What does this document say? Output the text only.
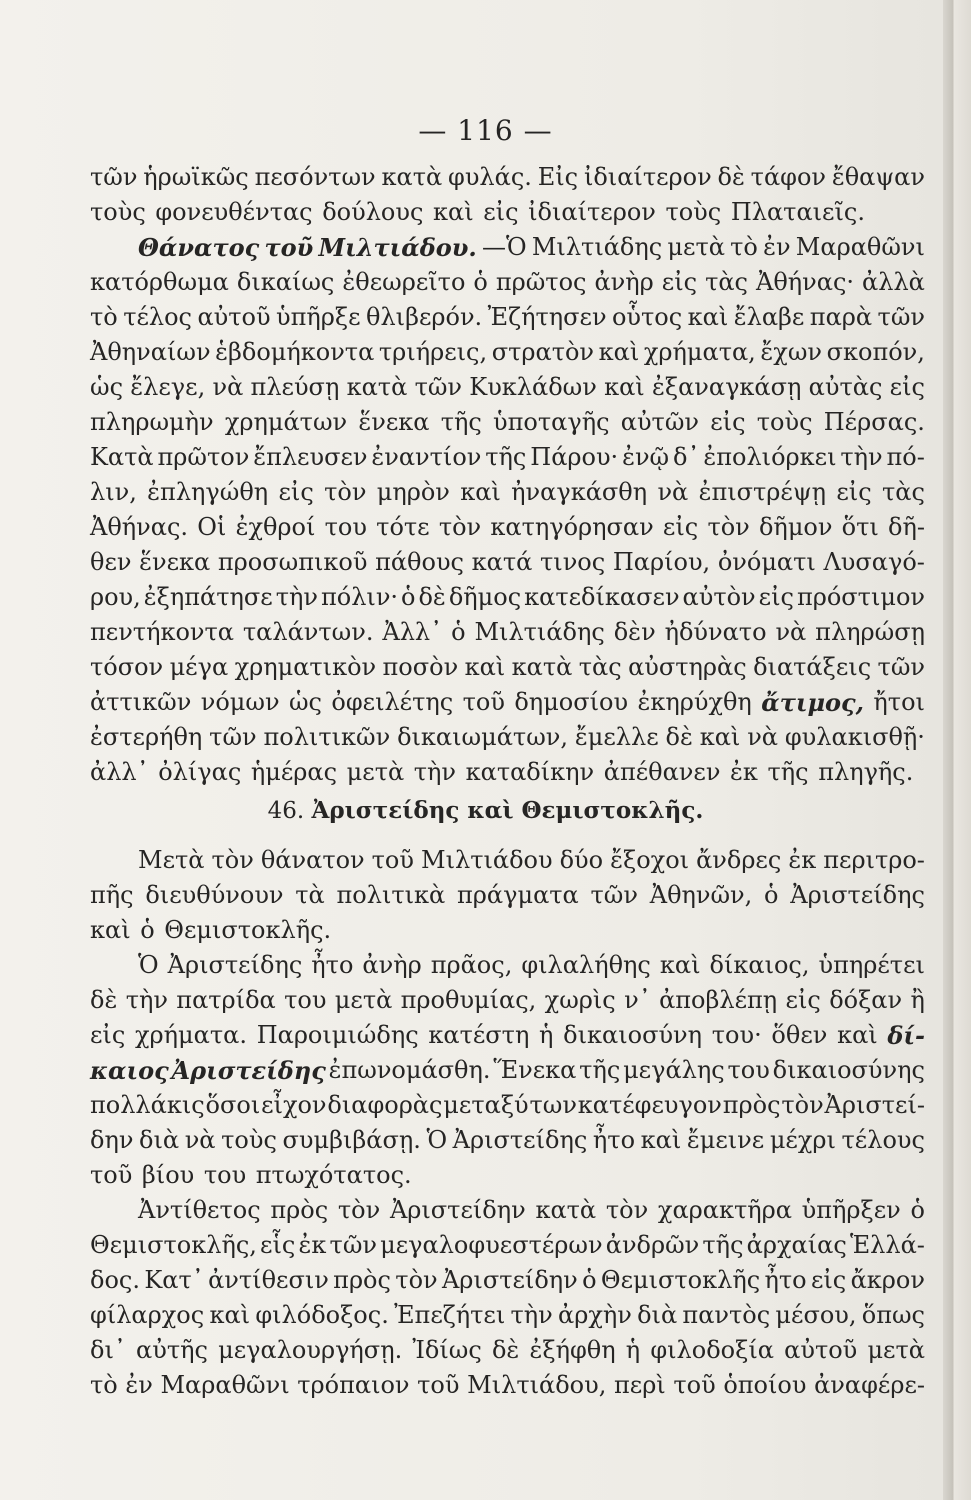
— 116 —
τῶν ἡρωϊκῶς πεσόντων κατὰ φυλάς. Εἰς ἰδιαίτερον δὲ τάφον ἔθαψαν
τοὺς φονευθέντας δούλους καὶ εἰς ἰδιαίτερον τοὺς Πλαταιεῖς.
Θάνατος τοῦ Μιλτιάδου. —Ὁ Μιλτιάδης μετὰ τὸ ἐν Μαραθῶνι
κατόρθωμα δικαίως ἐθεωρεῖτο ὁ πρῶτος ἀνὴρ εἰς τὰς Ἀθήνας· ἀλλὰ
τὸ τέλος αὐτοῦ ὑπῆρξε θλιβερόν. Ἐζήτησεν οὗτος καὶ ἔλαβε παρὰ τῶν
Ἀθηναίων ἑβδομήκοντα τριήρεις, στρατὸν καὶ χρήματα, ἔχων σκοπόν,
ὡς ἔλεγε, νὰ πλεύσῃ κατὰ τῶν Κυκλάδων καὶ ἐξαναγκάσῃ αὐτὰς εἰς
πληρωμὴν χρημάτων ἕνεκα τῆς ὑποταγῆς αὐτῶν εἰς τοὺς Πέρσας.
Κατὰ πρῶτον ἔπλευσεν ἐναντίον τῆς Πάρου· ἐνῷ δ᾽ ἐπολιόρκει τὴν πό-
λιν, ἐπληγώθη εἰς τὸν μηρὸν καὶ ἠναγκάσθη νὰ ἐπιστρέψῃ εἰς τὰς
Ἀθήνας. Οἱ ἐχθροί του τότε τὸν κατηγόρησαν εἰς τὸν δῆμον ὅτι δῆ-
θεν ἕνεκα προσωπικοῦ πάθους κατά τινος Παρίου, ὀνόματι Λυσαγό-
ρου, ἐξηπάτησε τὴν πόλιν· ὁ δὲ δῆμος κατεδίκασεν αὐτὸν εἰς πρόστιμον
πεντήκοντα ταλάντων. Ἀλλ᾽ ὁ Μιλτιάδης δὲν ἠδύνατο νὰ πληρώσῃ
τόσον μέγα χρηματικὸν ποσὸν καὶ κατὰ τὰς αὐστηρὰς διατάξεις τῶν
ἀττικῶν νόμων ὡς ὀφειλέτης τοῦ δημοσίου ἐκηρύχθη ἄτιμος, ἤτοι
ἐστερήθη τῶν πολιτικῶν δικαιωμάτων, ἔμελλε δὲ καὶ νὰ φυλακισθῇ·
ἀλλ᾽ ὀλίγας ἡμέρας μετὰ τὴν καταδίκην ἀπέθανεν ἐκ τῆς πληγῆς.
46. Ἀριστείδης καὶ Θεμιστοκλῆς.
Μετὰ τὸν θάνατον τοῦ Μιλτιάδου δύο ἔξοχοι ἄνδρες ἐκ περιτρο-
πῆς διευθύνουν τὰ πολιτικὰ πράγματα τῶν Ἀθηνῶν, ὁ Ἀριστείδης
καὶ ὁ Θεμιστοκλῆς.
Ὁ Ἀριστείδης ἦτο ἀνὴρ πρᾶος, φιλαλήθης καὶ δίκαιος, ὑπηρέτει
δὲ τὴν πατρίδα του μετὰ προθυμίας, χωρὶς ν᾽ ἀποβλέπῃ εἰς δόξαν ἢ
εἰς χρήματα. Παροιμιώδης κατέστη ἡ δικαιοσύνη του· ὅθεν καὶ δί-
καιος Ἀριστείδης ἐπωνομάσθη. Ἕνεκα τῆς μεγάλης του δικαιοσύνης
πολλάκις ὅσοι εἶχον διαφορὰς μεταξύ των κατέφευγον πρὸς τὸν Ἀριστεί-
δην διὰ νὰ τοὺς συμβιβάσῃ. Ὁ Ἀριστείδης ἦτο καὶ ἔμεινε μέχρι τέλους
τοῦ βίου του πτωχότατος.
Ἀντίθετος πρὸς τὸν Ἀριστείδην κατὰ τὸν χαρακτῆρα ὑπῆρξεν ὁ
Θεμιστοκλῆς, εἷς ἐκ τῶν μεγαλοφυεστέρων ἀνδρῶν τῆς ἀρχαίας Ἑλλά-
δος. Κατ᾽ ἀντίθεσιν πρὸς τὸν Ἀριστείδην ὁ Θεμιστοκλῆς ἦτο εἰς ἄκρον
φίλαρχος καὶ φιλόδοξος. Ἐπεζήτει τὴν ἀρχὴν διὰ παντὸς μέσου, ὅπως
δι᾽ αὐτῆς μεγαλουργήσῃ. Ἰδίως δὲ ἐξήφθη ἡ φιλοδοξία αὐτοῦ μετὰ
τὸ ἐν Μαραθῶνι τρόπαιον τοῦ Μιλτιάδου, περὶ τοῦ ὁποίου ἀναφέρε-
